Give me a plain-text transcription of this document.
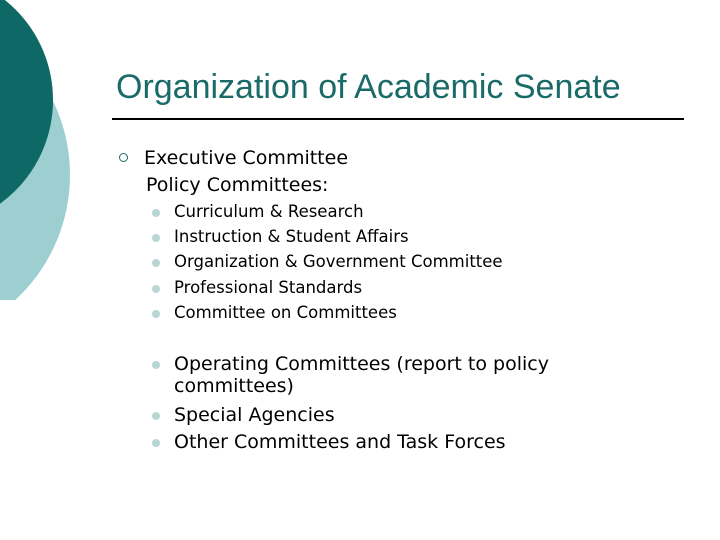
Organization of Academic Senate
Executive Committee
Policy Committees:
Curriculum & Research
Instruction & Student Affairs
Organization & Government Committee
Professional Standards
Committee on Committees
Operating Committees (report to policy
committees)
Special Agencies
Other Committees and Task Forces
